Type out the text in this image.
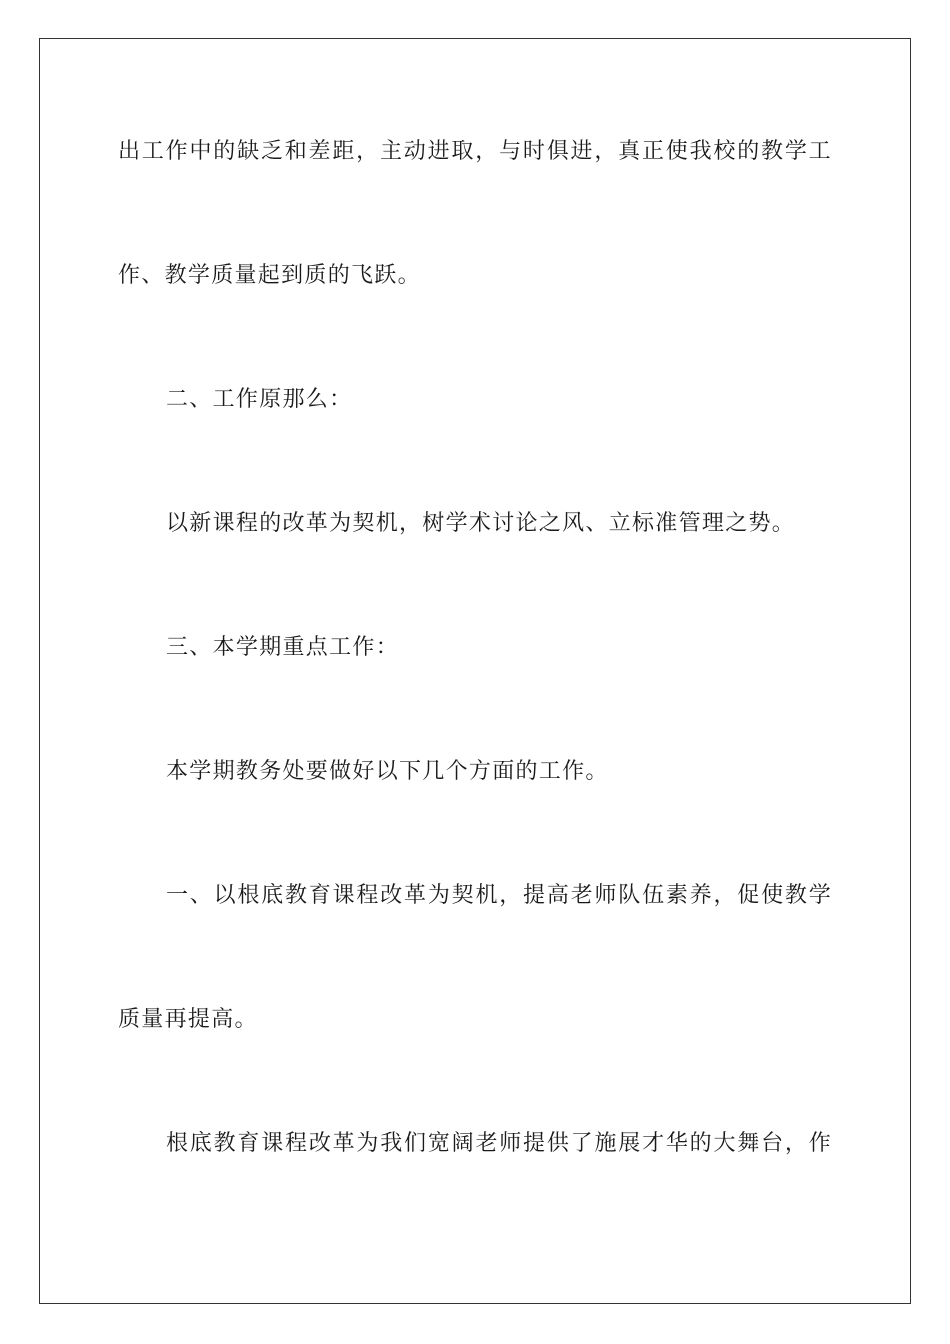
出工作中的缺乏和差距，主动进取，与时俱进，真正使我校的教学工
作、教学质量起到质的飞跃。
二、工作原那么：
以新课程的改革为契机，树学术讨论之风、立标准管理之势。
三、本学期重点工作：
本学期教务处要做好以下几个方面的工作。
一、以根底教育课程改革为契机，提高老师队伍素养，促使教学
质量再提高。
根底教育课程改革为我们宽阔老师提供了施展才华的大舞台，作
